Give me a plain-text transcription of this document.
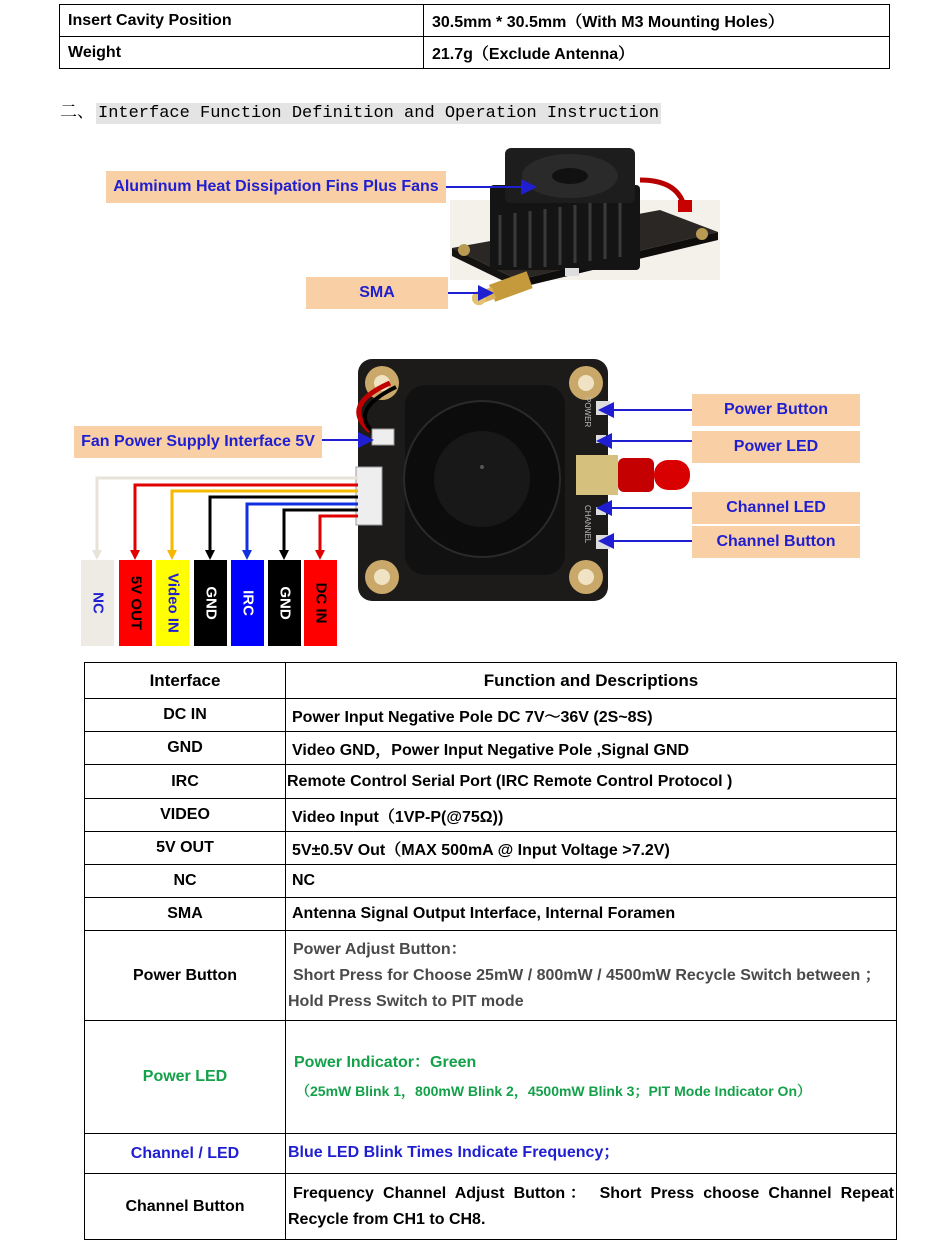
Insert Cavity Position	30.5mm * 30.5mm（With M3 Mounting Holes）
Weight	21.7g（Exclude Antenna）
二、 Interface Function Definition and Operation Instruction
Aluminum Heat Dissipation Fins Plus Fans
SMA
POWER
CHANNEL
Fan Power Supply Interface 5V
Power Button
Power LED
Channel LED
Channel Button
NC 5V OUT Video IN GND IRC GND DC IN
Interface	Function and Descriptions
DC IN	Power Input Negative Pole DC 7V～36V (2S~8S)
GND	Video GND，Power Input Negative Pole ,Signal GND
IRC	Remote Control Serial Port (IRC Remote Control Protocol )
VIDEO	Video Input（1VP-P(@75Ω))
5V OUT	5V±0.5V Out（MAX 500mA @ Input Voltage >7.2V)
NC	NC
SMA	Antenna Signal Output Interface, Internal Foramen
Power Button	Power Adjust Button：
Short Press for Choose 25mW / 800mW / 4500mW Recycle Switch between ；
Hold Press Switch to PIT mode

Power LED	Power Indicator：Green
（25mW Blink 1，800mW Blink 2，4500mW Blink 3；PIT Mode Indicator On）

Channel / LED	Blue LED Blink Times Indicate Frequency；
Channel Button	Frequency Channel Adjust Button： Short Press choose Channel Repeat
Recycle from CH1 to CH8.
